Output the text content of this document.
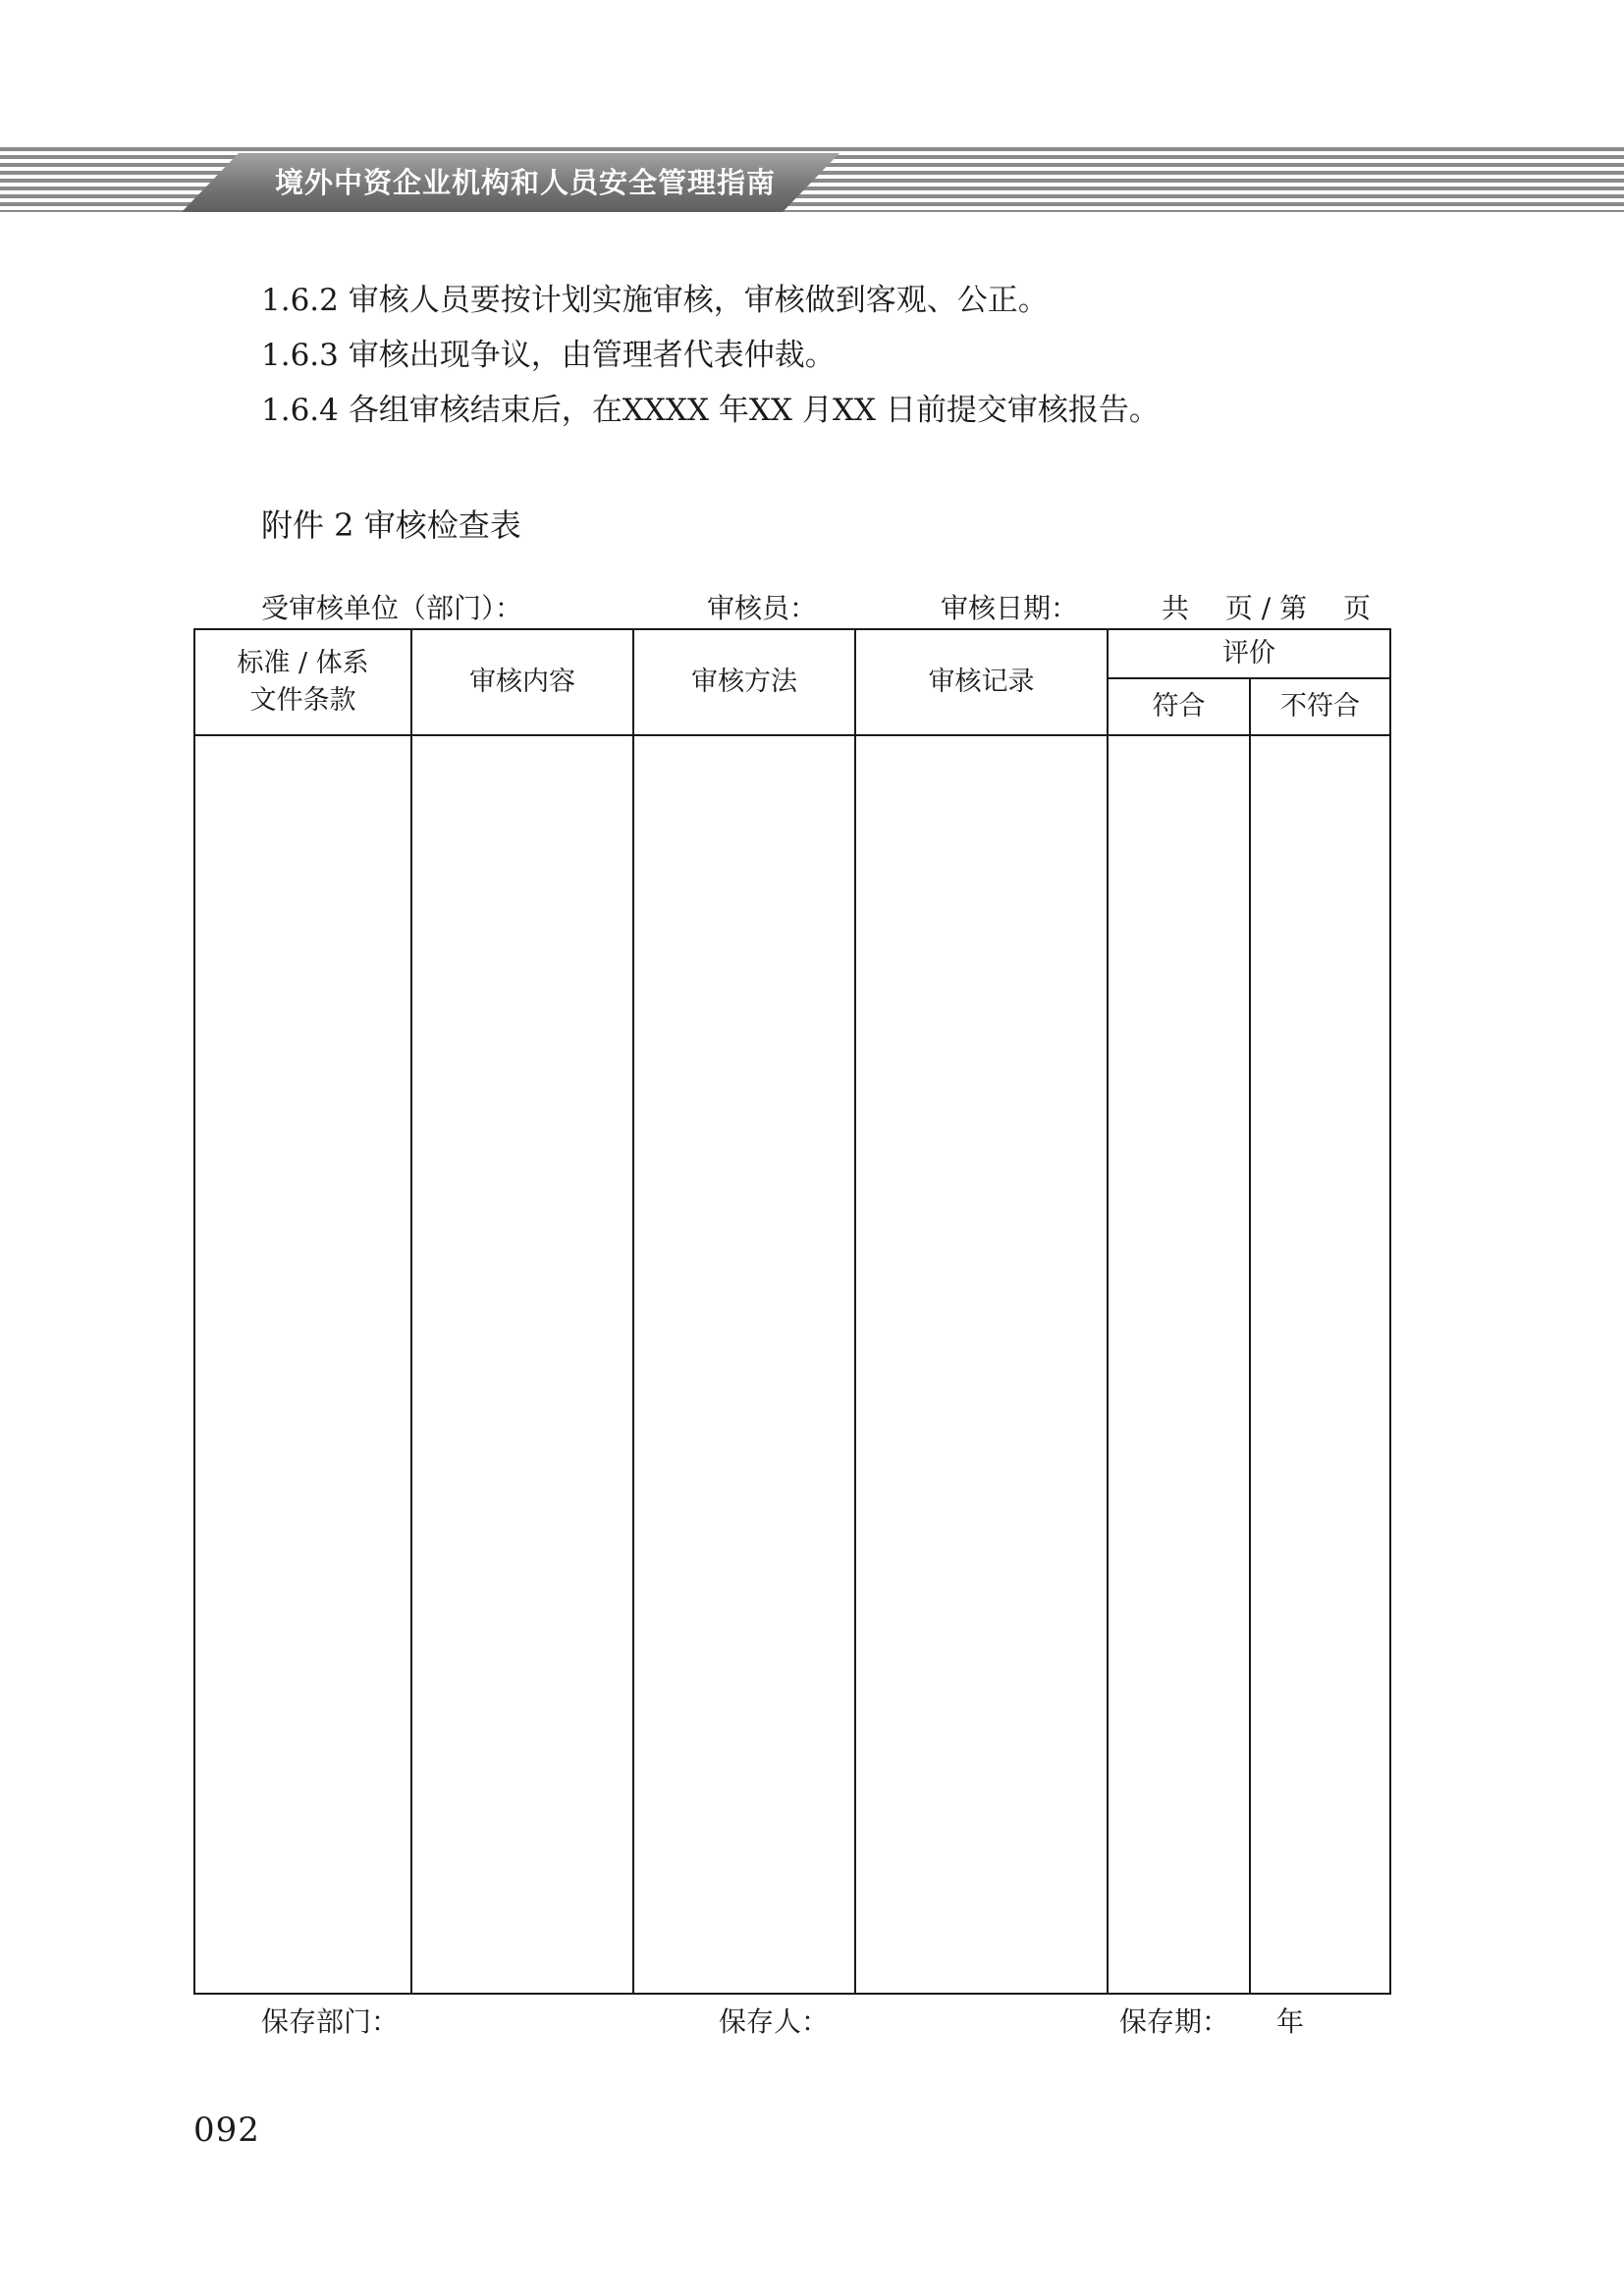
境外中资企业机构和人员安全管理指南
1.6.2 审核人员要按计划实施审核，审核做到客观、公正。
1.6.3 审核出现争议，由管理者代表仲裁。
1.6.4 各组审核结束后，在XXXX 年XX 月XX 日前提交审核报告。
附件 2 审核检查表
受审核单位（部门）：	审核员：	审核日期：	共　 页 / 第　 页
标准 / 体系
文件条款	审核内容	审核方法	审核记录	评价	
				符合	不符合

保存部门：	保存人：	保存期： 年
092
